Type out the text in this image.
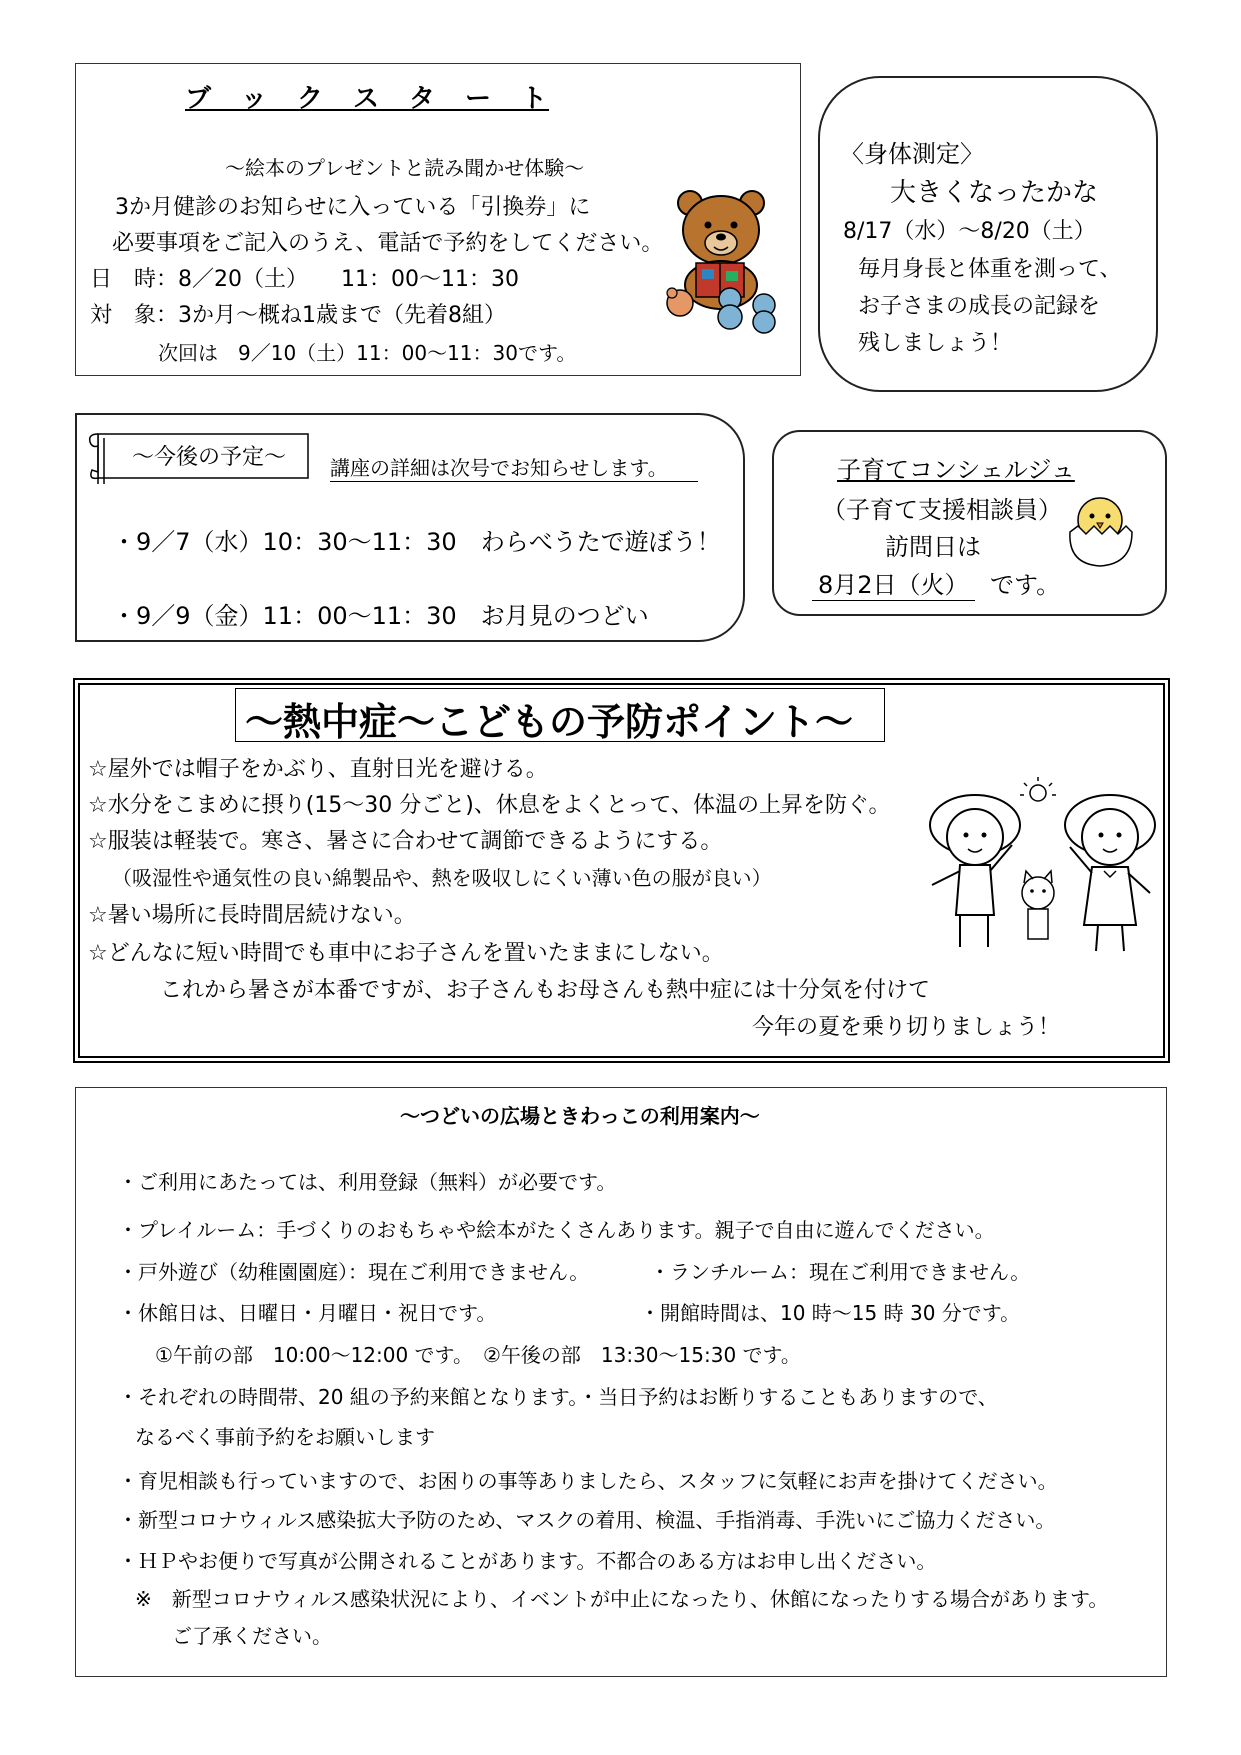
ブ　ッ　ク　ス　タ　ー　ト
～絵本のプレゼントと読み聞かせ体験～
3か月健診のお知らせに入っている「引換券」に
必要事項をご記入のうえ、電話で予約をしてください。
日　時：8／20（土）　　11：00～11：30
対　象：3か月～概ね1歳まで（先着8組）
次回は　9／10（土）11：00～11：30です。
〈身体測定〉
大きくなったかな
8/17（水）～8/20（土）
毎月身長と体重を測って、
お子さまの成長の記録を
残しましょう！
～今後の予定～ 講座の詳細は次号でお知らせします。
・9／7（水）10：30～11：30　わらべうたで遊ぼう！
・9／9（金）11：00～11：30　お月見のつどい
子育てコンシェルジュ
（子育て支援相談員）
訪問日は
8月2日（火） です。
～熱中症～こどもの予防ポイント～
☆屋外では帽子をかぶり、直射日光を避ける。
☆水分をこまめに摂り(15～30 分ごと)、休息をよくとって、体温の上昇を防ぐ。
☆服装は軽装で。寒さ、暑さに合わせて調節できるようにする。
（吸湿性や通気性の良い綿製品や、熱を吸収しにくい薄い色の服が良い）
☆暑い場所に長時間居続けない。
☆どんなに短い時間でも車中にお子さんを置いたままにしない。
これから暑さが本番ですが、お子さんもお母さんも熱中症には十分気を付けて
今年の夏を乗り切りましょう！
～つどいの広場ときわっこの利用案内～
・ご利用にあたっては、利用登録（無料）が必要です。
・プレイルーム：手づくりのおもちゃや絵本がたくさんあります。親子で自由に遊んでください。
・戸外遊び（幼稚園園庭）：現在ご利用できません。	・ランチルーム：現在ご利用できません。
・休館日は、日曜日・月曜日・祝日です。	・開館時間は、10 時～15 時 30 分です。
①午前の部　10:00～12:00 です。　②午後の部　13:30～15:30 です。
・それぞれの時間帯、20 組の予約来館となります。・当日予約はお断りすることもありますので、
なるべく事前予約をお願いします
・育児相談も行っていますので、お困りの事等ありましたら、スタッフに気軽にお声を掛けてください。
・新型コロナウィルス感染拡大予防のため、マスクの着用、検温、手指消毒、手洗いにご協力ください。
・ＨＰやお便りで写真が公開されることがあります。不都合のある方はお申し出ください。
※　新型コロナウィルス感染状況により、イベントが中止になったり、休館になったりする場合があります。
ご了承ください。
